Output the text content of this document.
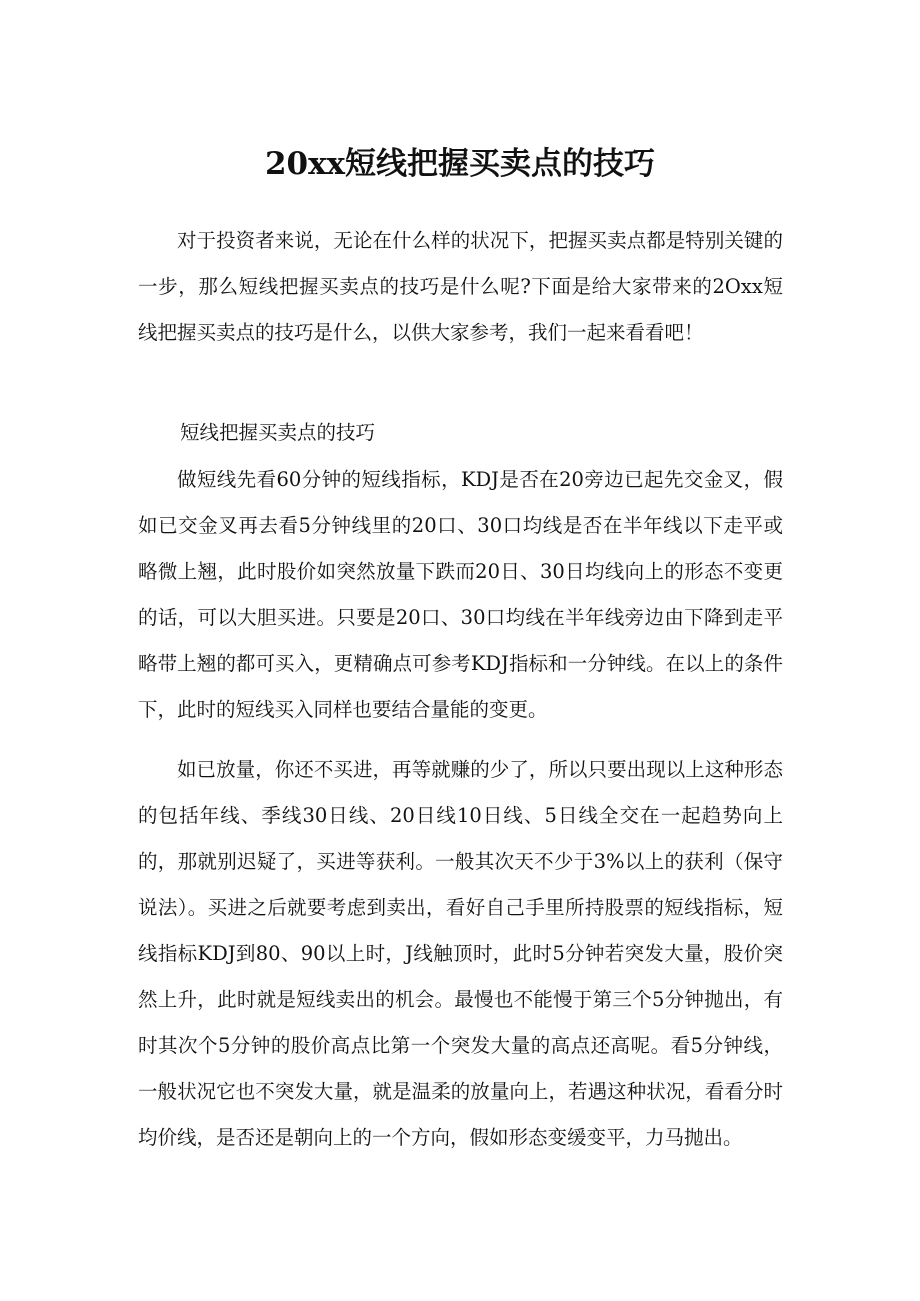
20xx短线把握买卖点的技巧

对于投资者来说，无论在什么样的状况下，把握买卖点都是特别关键的一步，那么短线把握买卖点的技巧是什么呢?下面是给大家带来的2Oxx短线把握买卖点的技巧是什么，以供大家参考，我们一起来看看吧！

短线把握买卖点的技巧

做短线先看60分钟的短线指标，KDJ是否在20旁边已起先交金叉，假如已交金叉再去看5分钟线里的20口、30口均线是否在半年线以下走平或略微上翘，此时股价如突然放量下跌而20日、30日均线向上的形态不变更的话，可以大胆买进。只要是20口、30口均线在半年线旁边由下降到走平略带上翘的都可买入，更精确点可参考KDJ指标和一分钟线。在以上的条件下，此时的短线买入同样也要结合量能的变更。

如已放量，你还不买进，再等就赚的少了，所以只要出现以上这种形态的包括年线、季线30日线、20日线10日线、5日线全交在一起趋势向上的，那就别迟疑了，买进等获利。一般其次天不少于3%以上的获利（保守说法）。买进之后就要考虑到卖出，看好自己手里所持股票的短线指标，短线指标KDJ到80、90以上时，J线触顶时，此时5分钟若突发大量，股价突然上升，此时就是短线卖出的机会。最慢也不能慢于第三个5分钟抛出，有时其次个5分钟的股价高点比第一个突发大量的高点还高呢。看5分钟线，一般状况它也不突发大量，就是温柔的放量向上，若遇这种状况，看看分时均价线，是否还是朝向上的一个方向，假如形态变缓变平，力马抛出。
